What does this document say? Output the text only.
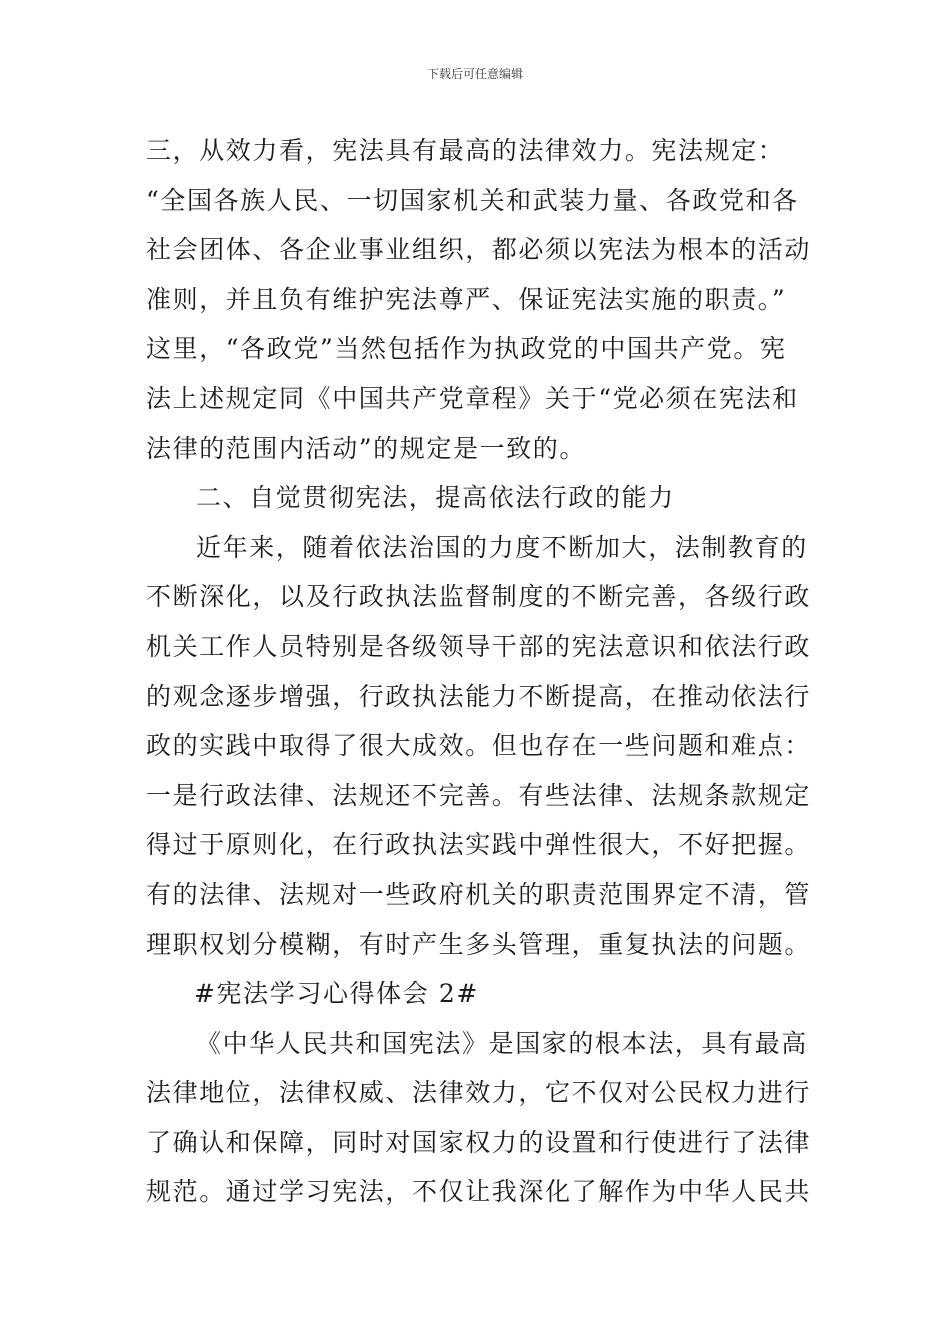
下载后可任意编辑
三，从效力看，宪法具有最高的法律效力。宪法规定：
“全国各族人民、一切国家机关和武装力量、各政党和各
社会团体、各企业事业组织，都必须以宪法为根本的活动
准则，并且负有维护宪法尊严、保证宪法实施的职责。”
这里，“各政党”当然包括作为执政党的中国共产党。宪
法上述规定同《中国共产党章程》关于“党必须在宪法和
法律的范围内活动”的规定是一致的。
二、自觉贯彻宪法，提高依法行政的能力
近年来，随着依法治国的力度不断加大，法制教育的
不断深化，以及行政执法监督制度的不断完善，各级行政
机关工作人员特别是各级领导干部的宪法意识和依法行政
的观念逐步增强，行政执法能力不断提高，在推动依法行
政的实践中取得了很大成效。但也存在一些问题和难点：
一是行政法律、法规还不完善。有些法律、法规条款规定
得过于原则化，在行政执法实践中弹性很大，不好把握。
有的法律、法规对一些政府机关的职责范围界定不清，管
理职权划分模糊，有时产生多头管理，重复执法的问题。
#宪法学习心得体会 2#
《中华人民共和国宪法》是国家的根本法，具有最高
法律地位，法律权威、法律效力，它不仅对公民权力进行
了确认和保障，同时对国家权力的设置和行使进行了法律
规范。通过学习宪法，不仅让我深化了解作为中华人民共
